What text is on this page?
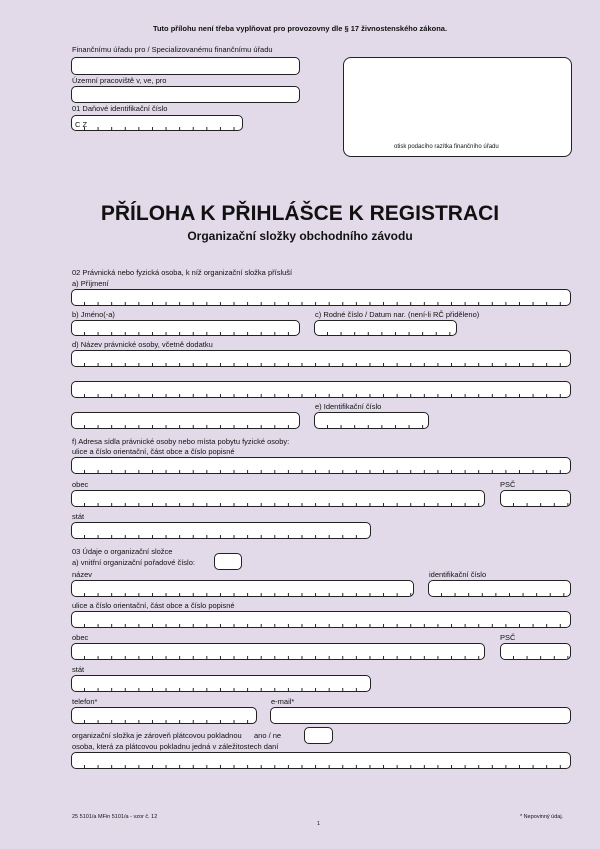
Tuto přílohu není třeba vyplňovat pro provozovny dle § 17 živnostenského zákona.
Finančnímu úřadu pro / Specializovanému finančnímu úřadu
Územní pracoviště v, ve, pro
01 Daňové identifikační číslo
C Z
otisk podacího razítka finančního úřadu
PŘÍLOHA K PŘIHLÁŠCE K REGISTRACI
Organizační složky obchodního závodu
02 Právnická nebo fyzická osoba, k níž organizační složka přísluší
a) Příjmení
b) Jméno(-a)	c) Rodné číslo / Datum nar. (není-li RČ přiděleno)
d) Název právnické osoby, včetně dodatku
e) Identifikační číslo
f) Adresa sídla právnické osoby nebo místa pobytu fyzické osoby:
ulice a číslo orientační, část obce a číslo popisné
obec	PSČ
stát
03 Údaje o organizační složce
a) vnitřní organizační pořadové číslo:
název	identifikační číslo
ulice a číslo orientační, část obce a číslo popisné
obec	PSČ
stát
telefon*	e-mail*
organizační složka je zároveň plátcovou pokladnou ano / ne
osoba, která za plátcovou pokladnu jedná v záležitostech daní
25 5101/a MFin 5101/a - vzor č. 12
1
* Nepovinný údaj.
